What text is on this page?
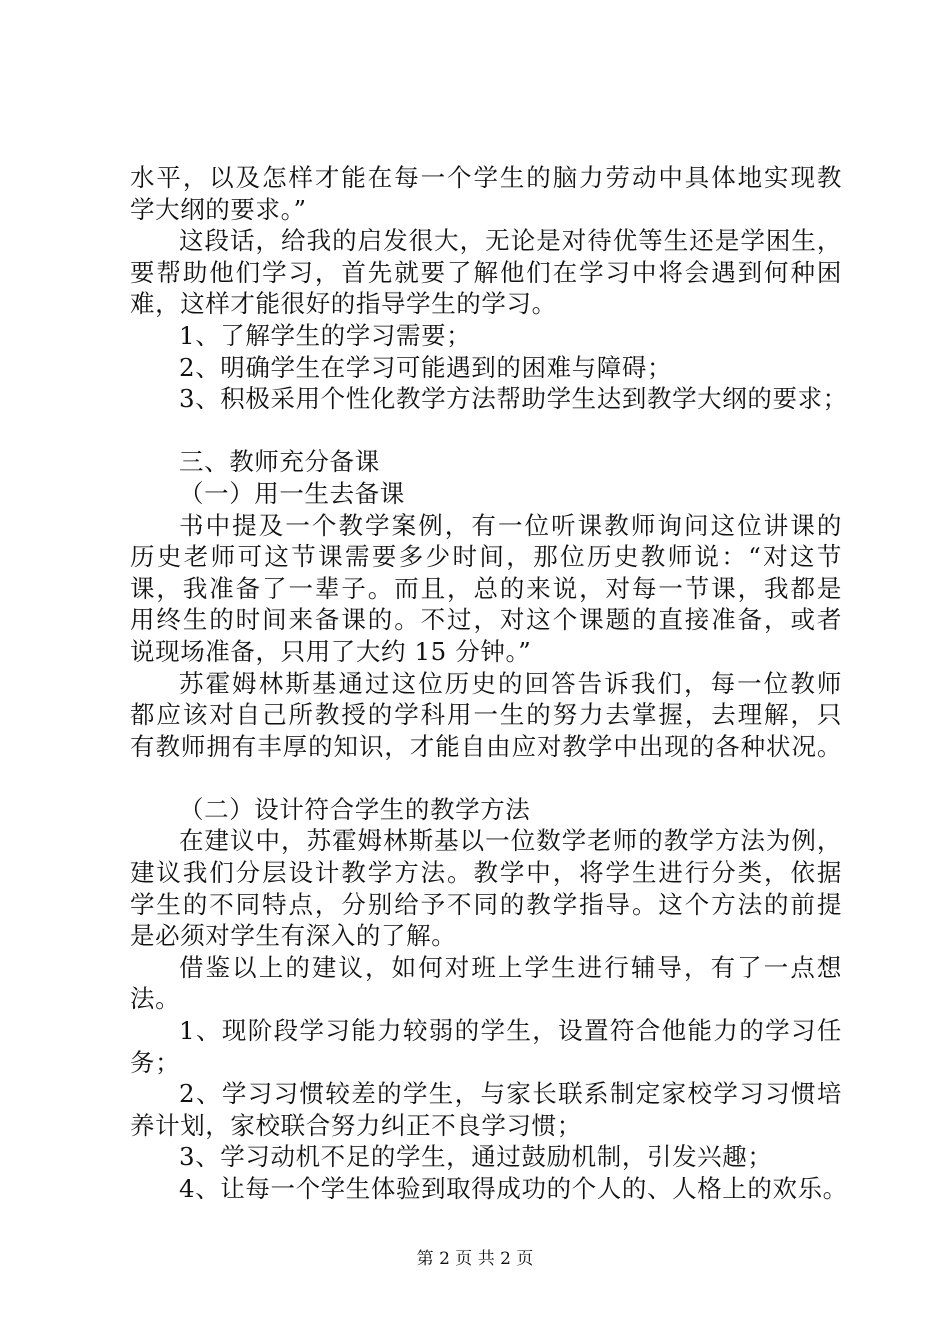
水平，以及怎样才能在每一个学生的脑力劳动中具体地实现教
学大纲的要求。”
这段话，给我的启发很大，无论是对待优等生还是学困生，
要帮助他们学习，首先就要了解他们在学习中将会遇到何种困
难，这样才能很好的指导学生的学习。
1、了解学生的学习需要；
2、明确学生在学习可能遇到的困难与障碍；
3、积极采用个性化教学方法帮助学生达到教学大纲的要求；
三、教师充分备课
（一）用一生去备课
书中提及一个教学案例，有一位听课教师询问这位讲课的
历史老师可这节课需要多少时间，那位历史教师说：“对这节
课，我准备了一辈子。而且，总的来说，对每一节课，我都是
用终生的时间来备课的。不过，对这个课题的直接准备，或者
说现场准备，只用了大约 15 分钟。”
苏霍姆林斯基通过这位历史的回答告诉我们，每一位教师
都应该对自己所教授的学科用一生的努力去掌握，去理解，只
有教师拥有丰厚的知识，才能自由应对教学中出现的各种状况。
（二）设计符合学生的教学方法
在建议中，苏霍姆林斯基以一位数学老师的教学方法为例，
建议我们分层设计教学方法。教学中，将学生进行分类，依据
学生的不同特点，分别给予不同的教学指导。这个方法的前提
是必须对学生有深入的了解。
借鉴以上的建议，如何对班上学生进行辅导，有了一点想
法。
1、现阶段学习能力较弱的学生，设置符合他能力的学习任
务；
2、学习习惯较差的学生，与家长联系制定家校学习习惯培
养计划，家校联合努力纠正不良学习惯；
3、学习动机不足的学生，通过鼓励机制，引发兴趣；
4、让每一个学生体验到取得成功的个人的、人格上的欢乐。
第 2 页 共 2 页
